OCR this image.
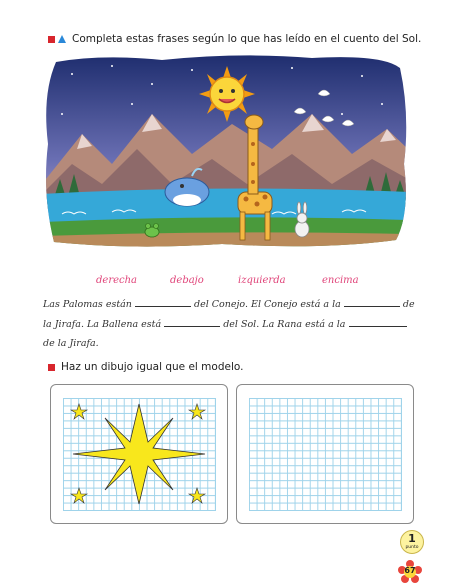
Completa estas frases según lo que has leído en el cuento del Sol.
derecha	debajo	izquierda	encima
Las Palomas están	del Conejo. El Conejo está a la	de
la Jirafa. La Ballena está	del Sol. La Rana está a la
de la Jirafa.
Haz un dibujo igual que el modelo.
1
punto
67
